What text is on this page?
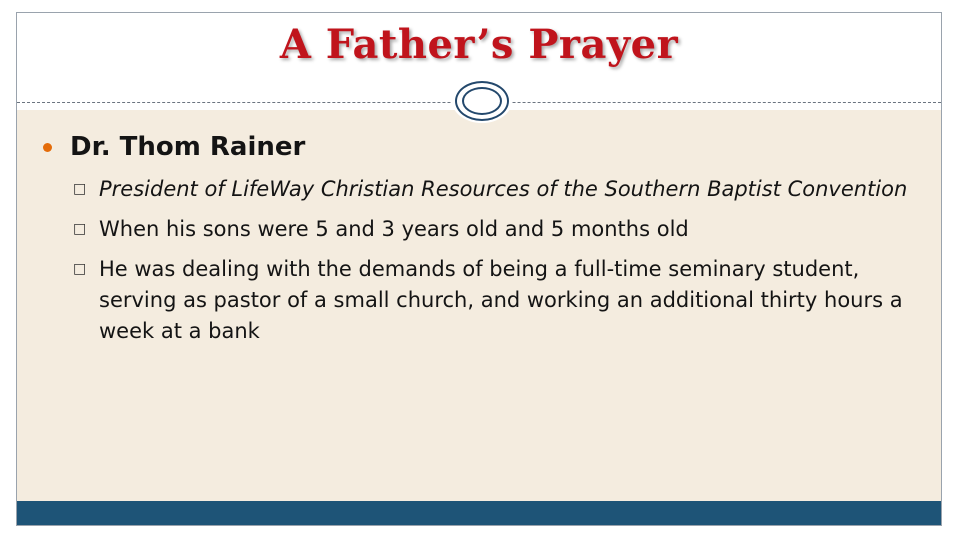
A Father’s Prayer
Dr. Thom Rainer
□ President of LifeWay Christian Resources of the Southern Baptist Convention
□ When his sons were 5 and 3 years old and 5 months old
□ He was dealing with the demands of being a full-time seminary student, serving as pastor of a small church, and working an additional thirty hours a week at a bank
